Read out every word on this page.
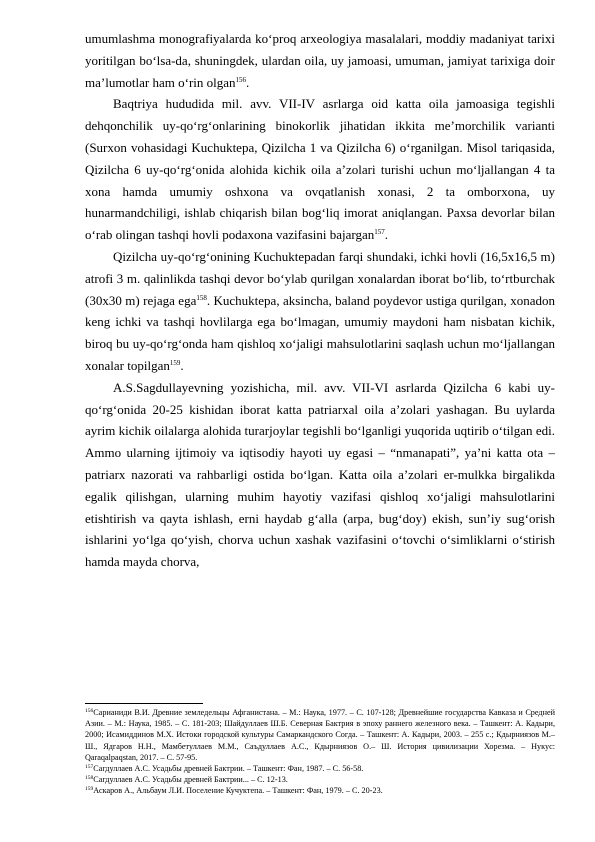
umumlashma monografiyalarda ko‘proq arxeologiya masalalari, moddiy madaniyat tarixi yoritilgan bo‘lsa-da, shuningdek, ulardan oila, uy jamoasi, umuman, jamiyat tarixiga doir ma’lumotlar ham o‘rin olgan$^{156}$.

Baqtriya hududida mil. avv. VII-IV asrlarga oid katta oila jamoasiga tegishli dehqonchilik uy-qo‘rg‘onlarining binokorlik jihatidan ikkita me’morchilik varianti (Surxon vohasidagi Kuchuktepa, Qizilcha 1 va Qizilcha 6) o‘rganilgan. Misol tariqasida, Qizilcha 6 uy-qo‘rg‘onida alohida kichik oila a’zolari turishi uchun mo‘ljallangan 4 ta xona hamda umumiy oshxona va ovqatlanish xonasi, 2 ta omborxona, uy hunarmandchiligi, ishlab chiqarish bilan bog‘liq imorat aniqlangan. Paxsa devorlar bilan o‘rab olingan tashqi hovli podaxona vazifasini bajargan$^{157}$.

Qizilcha uy-qo‘rg‘onining Kuchuktepadan farqi shundaki, ichki hovli (16,5x16,5 m) atrofi 3 m. qalinlikda tashqi devor bo‘ylab qurilgan xonalardan iborat bo‘lib, to‘rtburchak (30x30 m) rejaga ega$^{158}$. Kuchuktepa, aksincha, baland poydevor ustiga qurilgan, xonadon keng ichki va tashqi hovlilarga ega bo‘lmagan, umumiy maydoni ham nisbatan kichik, biroq bu uy-qo‘rg‘onda ham qishloq xo‘jaligi mahsulotlarini saqlash uchun mo‘ljallangan xonalar topilgan$^{159}$.

A.S.Sagdullayevning yozishicha, mil. avv. VII-VI asrlarda Qizilcha 6 kabi uy-qo‘rg‘onida 20-25 kishidan iborat katta patriarxal oila a’zolari yashagan. Bu uylarda ayrim kichik oilalarga alohida turarjoylar tegishli bo‘lganligi yuqorida uqtirib o‘tilgan edi. Ammo ularning ijtimoiy va iqtisodiy hayoti uy egasi – “nmanapati”, ya’ni katta ota – patriarx nazorati va rahbarligi ostida bo‘lgan. Katta oila a’zolari er-mulkka birgalikda egalik qilishgan, ularning muhim hayotiy vazifasi qishloq xo‘jaligi mahsulotlarini etishtirish va qayta ishlash, erni haydab g‘alla (arpa, bug‘doy) ekish, sun’iy sug‘orish ishlarini yo‘lga qo‘yish, chorva uchun xashak vazifasini o‘tovchi o‘simliklarni o‘stirish hamda mayda chorva,

$^{156}$Сарианиди В.И. Древние земледельцы Афганистана. – М.: Наука, 1977. – С. 107-128; Древнейшие государства Кавказа и Средней Азии. – М.: Наука, 1985. – С. 181-203; Шайдуллаев Ш.Б. Северная Бактрия в эпоху раннего железного века. – Ташкент: А. Кадыри, 2000; Исамиддинов М.Х. Истоки городской культуры Самаркандского Согда. – Ташкент: А. Кадыри, 2003. – 255 с.; Кдырниязов М.– Ш., Ядгаров Н.Н., Мамбетуллаев М.М., Саъдуллаев А.С., Кдырниязов О.– Ш. История цивилизации Хорезма. – Нукус: Qaraqalpaqstan, 2017. – С. 57-95.

$^{157}$Сагдуллаев А.С. Усадьбы древней Бактрии. – Ташкент: Фан, 1987. – С. 56-58.

$^{158}$Сагдуллаев А.С. Усадьбы древней Бактрии... – С. 12-13.

$^{159}$Аскаров А., Альбаум Л.И. Поселение Кучуктепа. – Ташкент: Фан, 1979. – С. 20-23.
